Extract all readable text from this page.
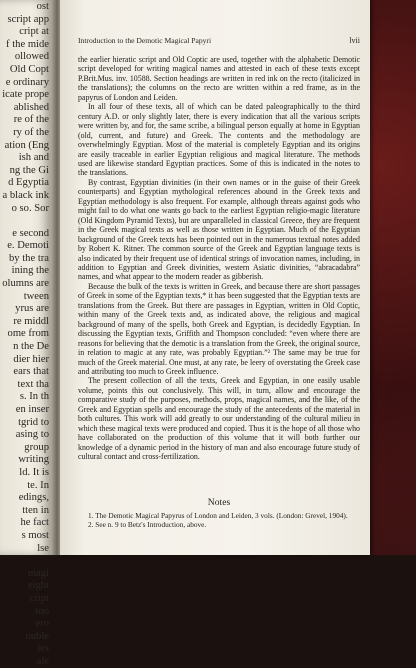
ost
script app
cript at
f the mide
ollowed
Old Copt
e ordinary
icate prope
ablished
re of the
ry of the
ation (Eng
ish and
ng the Gi
d Egyptia
a black ink
o so. Sor
e second
e. Demoti
by the tra
ining the
olumns are
tween
yrus are
re middl
ome from
n the De
dier hier
ears that
text tha
s. In th
en inser
tgrid to
asing to
group
writing
ld. It is
te. In
edings,
tten in
he fact
s most
lse
magi
eight
cript
too
ero
ouble
ies
ale
Introduction to the Demotic Magical Papyri	lvii

the earlier hieratic script and Old Coptic are used, together with the alphabetic Demotic script developed for writing magical names and attested in each of these texts except P.Brit.Mus. inv. 10588. Section headings are written in red ink on the recto (italicized in the translations); the columns on the recto are written within a red frame, as in the papyrus of London and Leiden.

In all four of these texts, all of which can be dated paleographically to the third century A.D. or only slightly later, there is every indication that all the various scripts were written by, and for, the same scribe, a bilingual person equally at home in Egyptian (old, current, and future) and Greek. The contents and the methodology are overwhelmingly Egyptian. Most of the material is completely Egyptian and its origins are easily traceable in earlier Egyptian religious and magical literature. The methods used are likewise standard Egyptian practices. Some of this is indicated in the notes to the translations.

By contrast, Egyptian divinities (in their own names or in the guise of their Greek counterparts) and Egyptian mythological references abound in the Greek texts and Egyptian methodology is also frequent. For example, although threats against gods who might fail to do what one wants go back to the earliest Egyptian religio-magic literature (Old Kingdom Pyramid Texts), but are unparalleled in classical Greece, they are frequent in the Greek magical texts as well as those written in Egyptian. Much of the Egyptian background of the Greek texts has been pointed out in the numerous textual notes added by Robert K. Ritner. The common source of the Greek and Egyptian language texts is also indicated by their frequent use of identical strings of invocation names, including, in addition to Egyptian and Greek divinities, western Asiatic divinities, “abracadabra” names, and what appear to the modern reader as gibberish.

Because the bulk of the texts is written in Greek, and because there are short passages of Greek in some of the Egyptian texts,* it has been suggested that the Egyptian texts are translations from the Greek. But there are passages in Egyptian, written in Old Coptic, within many of the Greek texts and, as indicated above, the religious and magical background of many of the spells, both Greek and Egyptian, is decidedly Egyptian. In discussing the Egyptian texts, Griffith and Thompson concluded: “even where there are reasons for believing that the demotic is a translation from the Greek, the original source, in relation to magic at any rate, was probably Egyptian.”² The same may be true for much of the Greek material. One must, at any rate, be leery of overstating the Greek case and attributing too much to Greek influence.

The present collection of all the texts, Greek and Egyptian, in one easily usable volume, points this out conclusively. This will, in turn, allow and encourage the comparative study of the purposes, methods, props, magical names, and the like, of the Greek and Egyptian spells and encourage the study of the antecedents of the material in both cultures. This work will add greatly to our understanding of the cultural milieu in which these magical texts were produced and copied. Thus it is the hope of all those who have collaborated on the production of this volume that it will both further our knowledge of a dynamic period in the history of man and also encourage future study of cultural contact and cross-fertilization.

Notes
1. The Demotic Magical Papyrus of London and Leiden, 3 vols. (London: Grevel, 1904).
2. See n. 9 to Betz's Introduction, above.
